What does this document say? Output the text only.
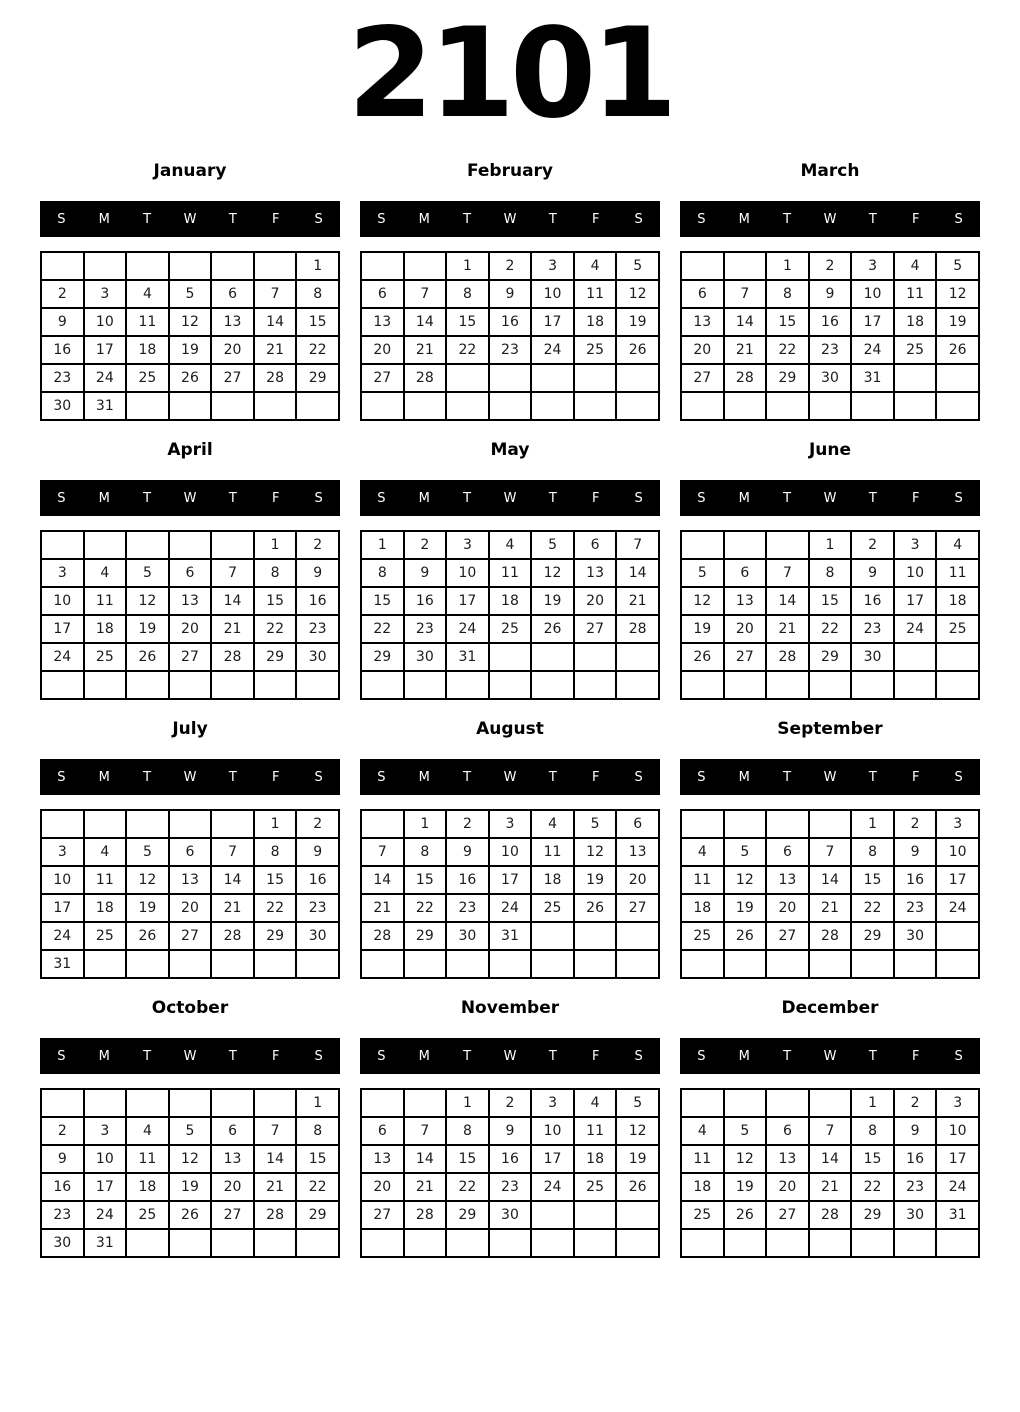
2101
January
S	M	T	W	T	F	S
						1
2	3	4	5	6	7	8
9	10	11	12	13	14	15
16	17	18	19	20	21	22
23	24	25	26	27	28	29
30	31					
February
S	M	T	W	T	F	S
		1	2	3	4	5
6	7	8	9	10	11	12
13	14	15	16	17	18	19
20	21	22	23	24	25	26
27	28					

March
S	M	T	W	T	F	S
		1	2	3	4	5
6	7	8	9	10	11	12
13	14	15	16	17	18	19
20	21	22	23	24	25	26
27	28	29	30	31		

April
S	M	T	W	T	F	S
					1	2
3	4	5	6	7	8	9
10	11	12	13	14	15	16
17	18	19	20	21	22	23
24	25	26	27	28	29	30

May
S	M	T	W	T	F	S
1	2	3	4	5	6	7
8	9	10	11	12	13	14
15	16	17	18	19	20	21
22	23	24	25	26	27	28
29	30	31				

June
S	M	T	W	T	F	S
			1	2	3	4
5	6	7	8	9	10	11
12	13	14	15	16	17	18
19	20	21	22	23	24	25
26	27	28	29	30		

July
S	M	T	W	T	F	S
					1	2
3	4	5	6	7	8	9
10	11	12	13	14	15	16
17	18	19	20	21	22	23
24	25	26	27	28	29	30
31						
August
S	M	T	W	T	F	S
	1	2	3	4	5	6
7	8	9	10	11	12	13
14	15	16	17	18	19	20
21	22	23	24	25	26	27
28	29	30	31			

September
S	M	T	W	T	F	S
				1	2	3
4	5	6	7	8	9	10
11	12	13	14	15	16	17
18	19	20	21	22	23	24
25	26	27	28	29	30	

October
S	M	T	W	T	F	S
						1
2	3	4	5	6	7	8
9	10	11	12	13	14	15
16	17	18	19	20	21	22
23	24	25	26	27	28	29
30	31					
November
S	M	T	W	T	F	S
		1	2	3	4	5
6	7	8	9	10	11	12
13	14	15	16	17	18	19
20	21	22	23	24	25	26
27	28	29	30			

December
S	M	T	W	T	F	S
				1	2	3
4	5	6	7	8	9	10
11	12	13	14	15	16	17
18	19	20	21	22	23	24
25	26	27	28	29	30	31
